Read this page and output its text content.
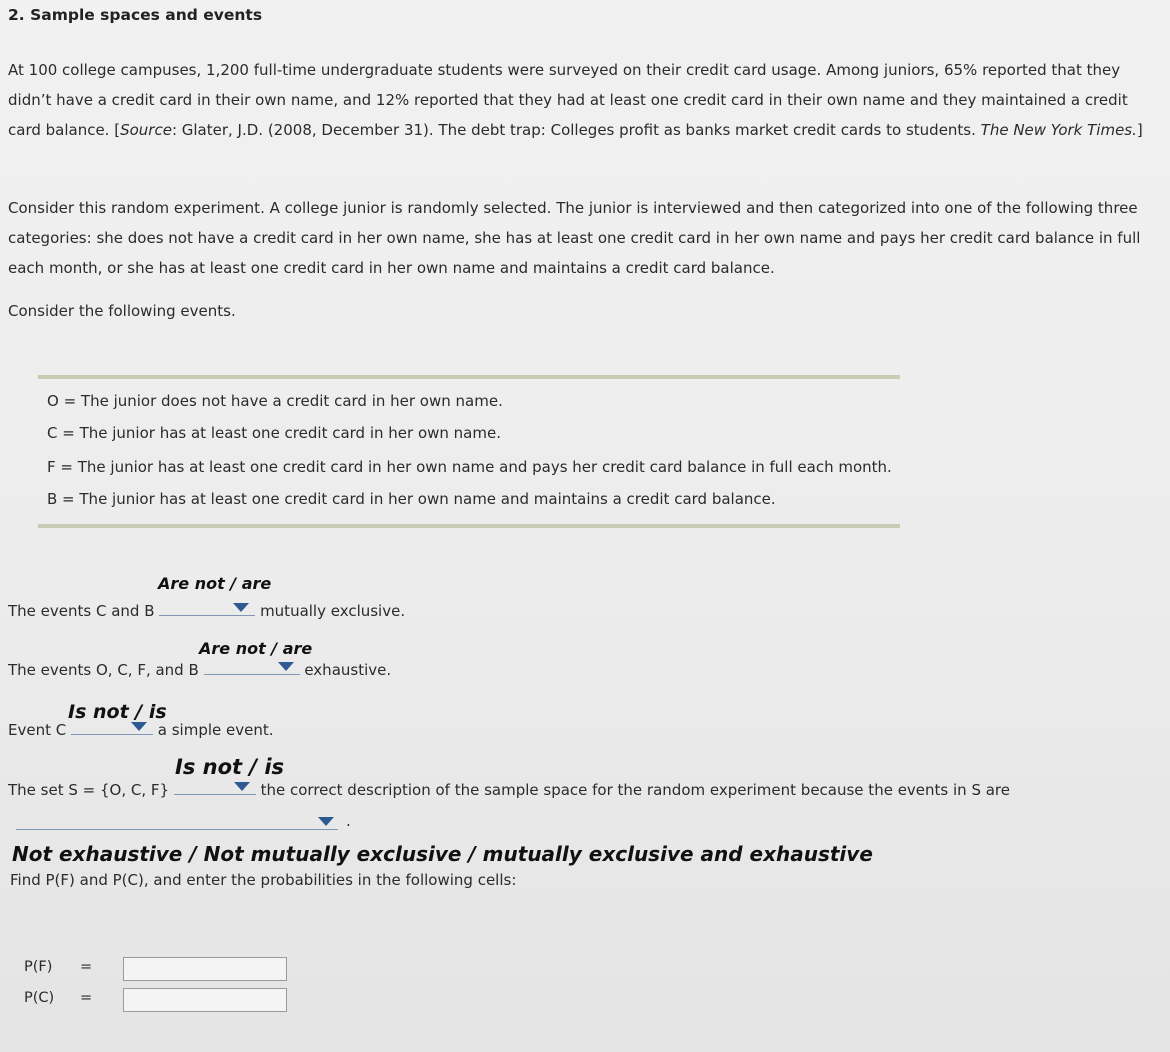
2. Sample spaces and events
At 100 college campuses, 1,200 full-time undergraduate students were surveyed on their credit card usage. Among juniors, 65% reported that they didn’t have a credit card in their own name, and 12% reported that they had at least one credit card in their own name and they maintained a credit card balance. [Source: Glater, J.D. (2008, December 31). The debt trap: Colleges profit as banks market credit cards to students. The New York Times.]
Consider this random experiment. A college junior is randomly selected. The junior is interviewed and then categorized into one of the following three categories: she does not have a credit card in her own name, she has at least one credit card in her own name and pays her credit card balance in full each month, or she has at least one credit card in her own name and maintains a credit card balance.
Consider the following events.
O = The junior does not have a credit card in her own name.
C = The junior has at least one credit card in her own name.
F = The junior has at least one credit card in her own name and pays her credit card balance in full each month.
B = The junior has at least one credit card in her own name and maintains a credit card balance.
Are not / are
The events C and B	mutually exclusive.
Are not / are
The events O, C, F, and B	exhaustive.
Is not / is
Event C	a simple event.
Is not / is
The set S = {O, C, F}	the correct description of the sample space for the random experiment because the events in S are
.
Not exhaustive / Not mutually exclusive / mutually exclusive and exhaustive
Find P(F) and P(C), and enter the probabilities in the following cells:
P(F) =
P(C) =
